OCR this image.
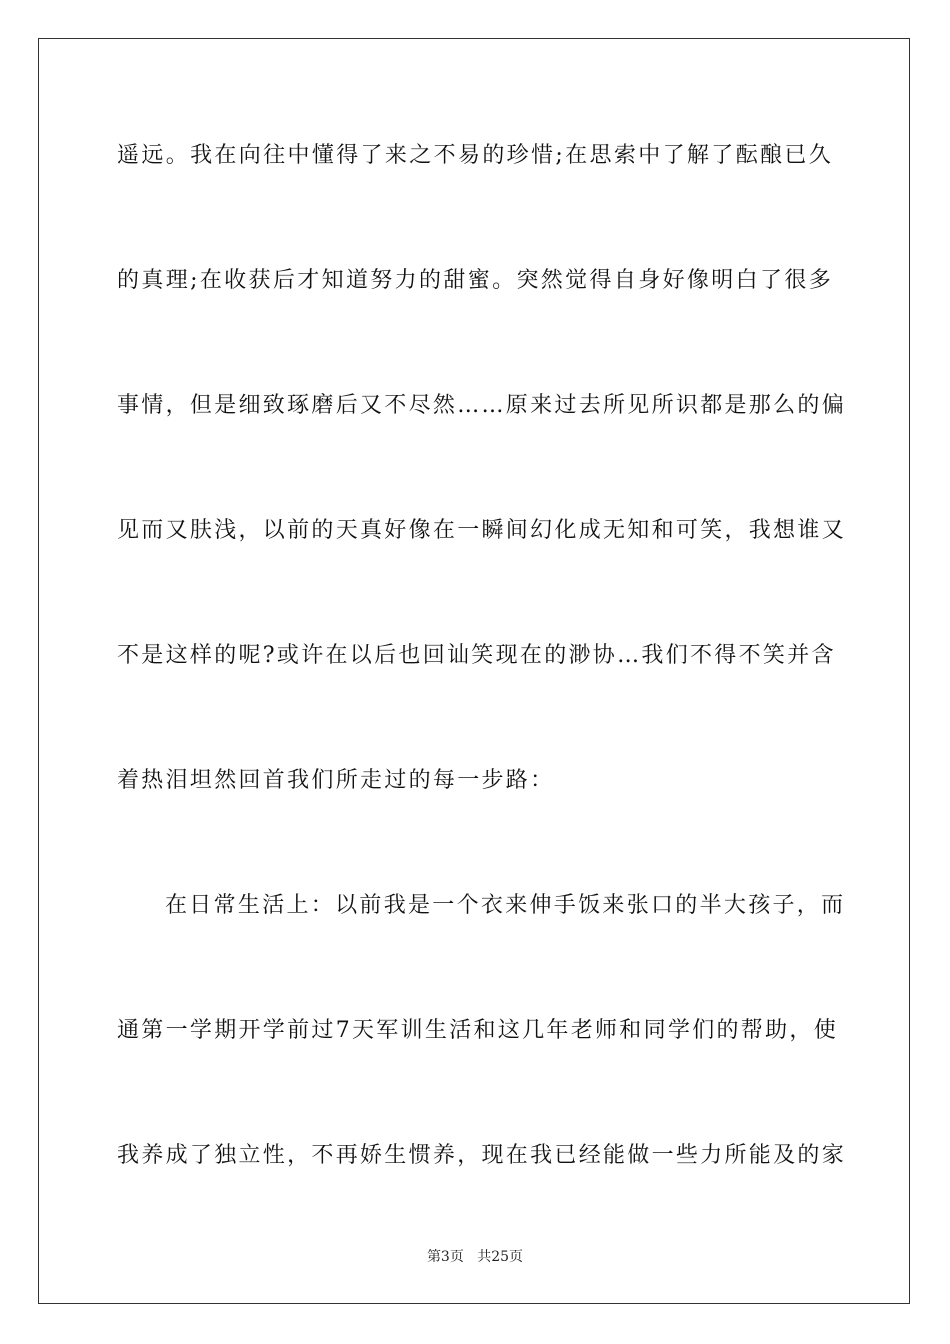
遥远。我在向往中懂得了来之不易的珍惜;在思索中了解了酝酿已久
的真理;在收获后才知道努力的甜蜜。突然觉得自身好像明白了很多
事情，但是细致琢磨后又不尽然……原来过去所见所识都是那么的偏
见而又肤浅，以前的天真好像在一瞬间幻化成无知和可笑，我想谁又
不是这样的呢?或许在以后也回讪笑现在的渺协…我们不得不笑并含
着热泪坦然回首我们所走过的每一步路：
在日常生活上：以前我是一个衣来伸手饭来张口的半大孩子，而
通第一学期开学前过7天军训生活和这几年老师和同学们的帮助，使
我养成了独立性，不再娇生惯养，现在我已经能做一些力所能及的家
第3页 共25页
